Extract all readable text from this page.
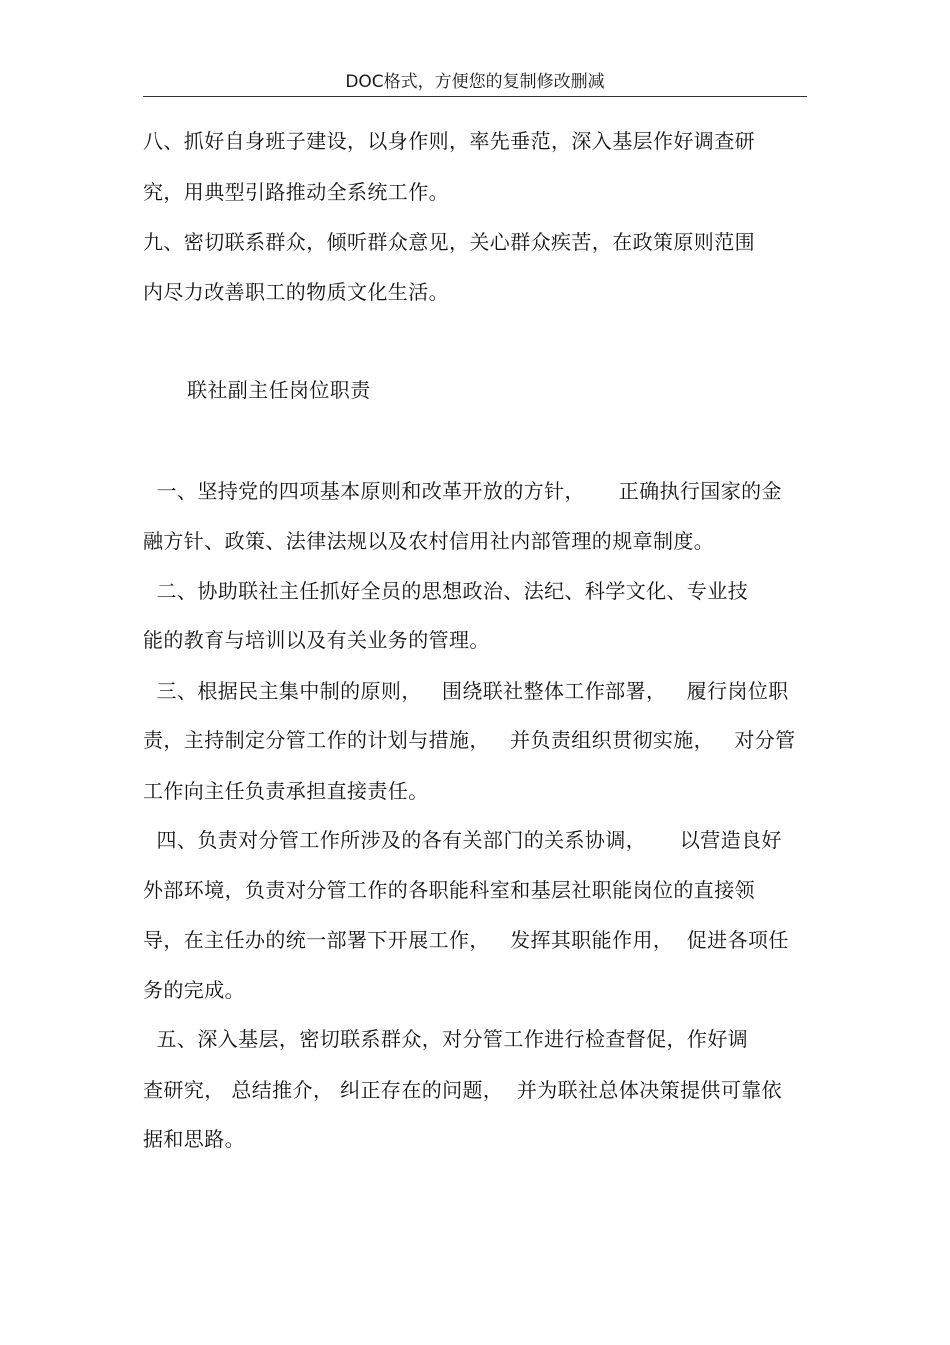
DOC格式，方便您的复制修改删减
八、抓好自身班子建设，以身作则，率先垂范，深入基层作好调查研
究，用典型引路推动全系统工作。
九、密切联系群众，倾听群众意见，关心群众疾苦，在政策原则范围
内尽力改善职工的物质文化生活。
联社副主任岗位职责
一、坚持党的四项基本原则和改革开放的方针，     正确执行国家的金
融方针、政策、法律法规以及农村信用社内部管理的规章制度。
二、协助联社主任抓好全员的思想政治、法纪、科学文化、专业技
能的教育与培训以及有关业务的管理。
三、根据民主集中制的原则，   围绕联社整体工作部署，   履行岗位职
责，主持制定分管工作的计划与措施，   并负责组织贯彻实施，   对分管
工作向主任负责承担直接责任。
四、负责对分管工作所涉及的各有关部门的关系协调，     以营造良好
外部环境，负责对分管工作的各职能科室和基层社职能岗位的直接领
导，在主任办的统一部署下开展工作，   发挥其职能作用，  促进各项任
务的完成。
五、深入基层，密切联系群众，对分管工作进行检查督促，作好调
查研究， 总结推介， 纠正存在的问题，  并为联社总体决策提供可靠依
据和思路。
